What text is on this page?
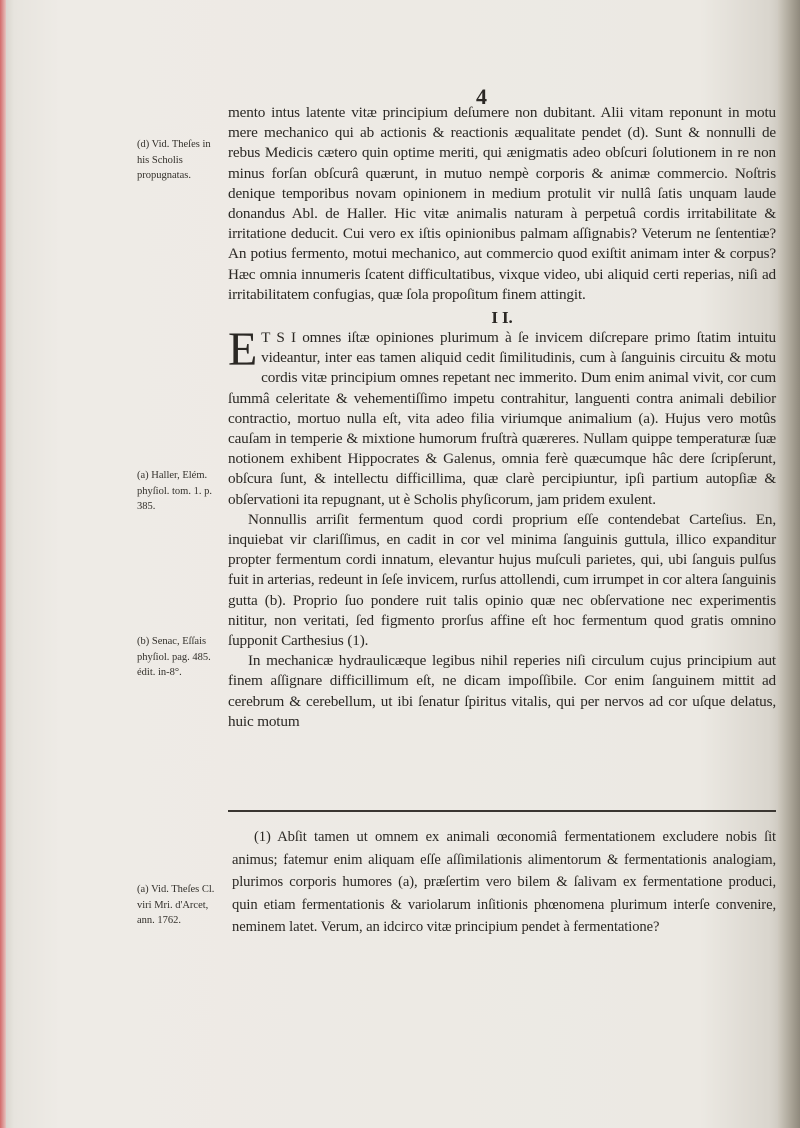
4

mento intus latente vitæ principium deſumere non dubitant. Alii vitam reponunt in motu mere mechanico qui ab actionis & reactionis æqualitate pendet (d). Sunt & nonnulli de rebus Medicis cætero quin optime meriti, qui ænigmatis adeo obſcuri ſolutionem in re non minus forſan obſcurâ quærunt, in mutuo nempè corporis & animæ commercio. Noſtris denique temporibus novam opinionem in medium protulit vir nullâ ſatis unquam laude donandus Abl. de Haller. Hic vitæ animalis naturam à perpetuâ cordis irritabilitate & irritatione deducit. Cui vero ex iſtis opinionibus palmam aſſignabis? Veterum ne ſententiæ? An potius fermento, motui mechanico, aut commercio quod exiſtit animam inter & corpus? Hæc omnia innumeris ſcatent difficultatibus, vixque video, ubi aliquid certi reperias, niſi ad irritabilitatem confugias, quæ ſola propoſitum finem attingit.

I I.

E T S I omnes iſtæ opiniones plurimum à ſe invicem diſcrepare primo ſtatim intuitu videantur, inter eas tamen aliquid cedit ſimilitudinis, cum à ſanguinis circuitu & motu cordis vitæ principium omnes repetant nec immerito. Dum enim animal vivit, cor cum ſummâ celeritate & vehementiſſimo impetu contrahitur, languenti contra animali debilior contractio, mortuo nulla eſt, vita adeo filia viriumque animalium (a). Hujus vero motûs cauſam in temperie & mixtione humorum fruſtrà quæreres. Nullam quippe temperaturæ ſuæ notionem exhibent Hippocrates & Galenus, omnia ferè quæcumque hâc dere ſcripſerunt, obſcura ſunt, & intellectu difficillima, quæ clarè percipiuntur, ipſi partium autopſiæ & obſervationi ita repugnant, ut è Scholis phyſicorum, jam pridem exulent.

Nonnullis arriſit fermentum quod cordi proprium eſſe contendebat Carteſius. En, inquiebat vir clariſſimus, en cadit in cor vel minima ſanguinis guttula, illico expanditur propter fermentum cordi innatum, elevantur hujus muſculi parietes, qui, ubi ſanguis pulſus fuit in arterias, redeunt in ſeſe invicem, rurſus attollendi, cum irrumpet in cor altera ſanguinis gutta (b). Proprio ſuo pondere ruit talis opinio quæ nec obſervatione nec experimentis nititur, non veritati, ſed figmento prorſus affine eſt hoc fermentum quod gratis omnino ſupponit Carthesius (1).

In mechanicæ hydraulicæque legibus nihil reperies niſi circulum cujus principium aut finem aſſignare difficillimum eſt, ne dicam impoſſibile. Cor enim ſanguinem mittit ad cerebrum & cerebellum, ut ibi ſenatur ſpiritus vitalis, qui per nervos ad cor uſque delatus, huic motum

(d) Vid. Theſes in his Scholis propugnatas.
(a) Haller, Elém. phyſiol. tom. 1. p. 385.
(b) Senac, Eſſais phyſiol. pag. 485. édit. in-8°.
(a) Vid. Theſes Cl. viri Mri. d'Arcet, ann. 1762.

(1) Abſit tamen ut omnem ex animali œconomiâ fermentationem excludere nobis ſit animus; fatemur enim aliquam eſſe aſſimilationis alimentorum & fermentationis analogiam, plurimos corporis humores (a), præſertim vero bilem & ſalivam ex fermentatione produci, quin etiam fermentationis & variolarum inſitionis phœnomena plurimum interſe convenire, neminem latet. Verum, an idcirco vitæ principium pendet à fermentatione?
